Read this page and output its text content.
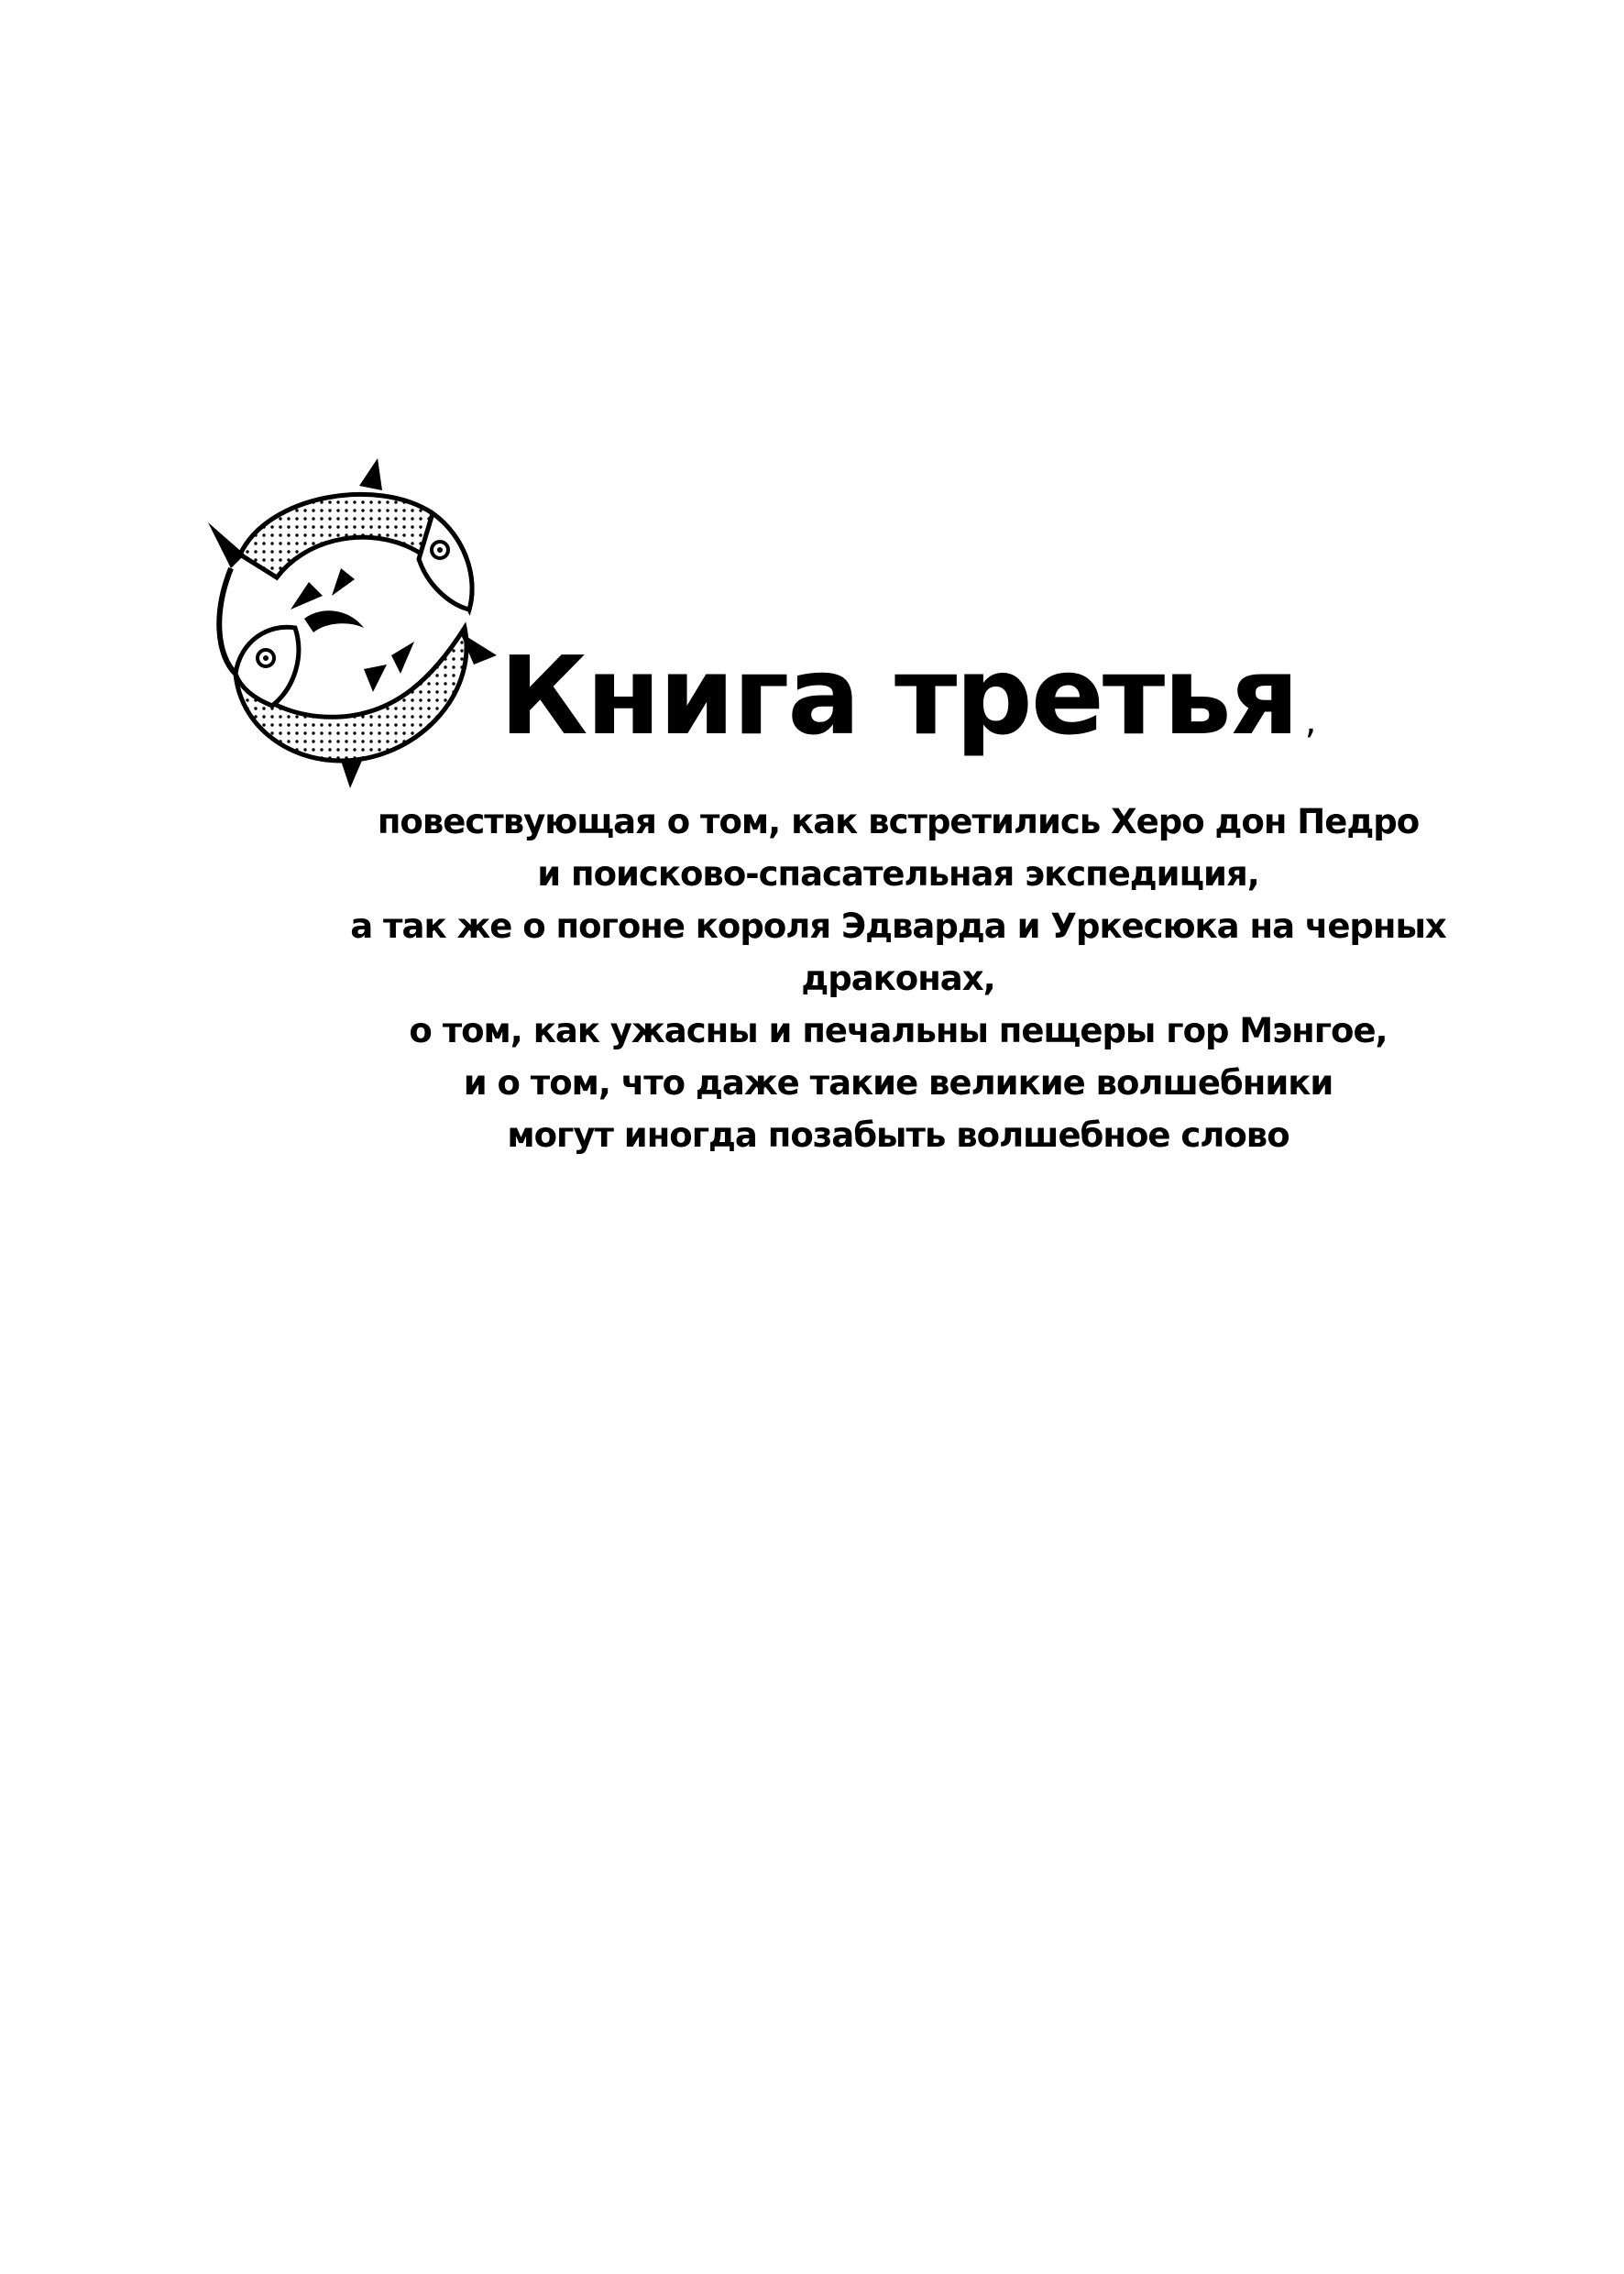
Книга третья ,
повествующая о том, как встретились Херо дон Педро
и поисково-спасательная экспедиция,
а так же о погоне короля Эдварда и Уркесюка на черных
драконах,
о том, как ужасны и печальны пещеры гор Мэнгое,
и о том, что даже такие великие волшебники
могут иногда позабыть волшебное слово
